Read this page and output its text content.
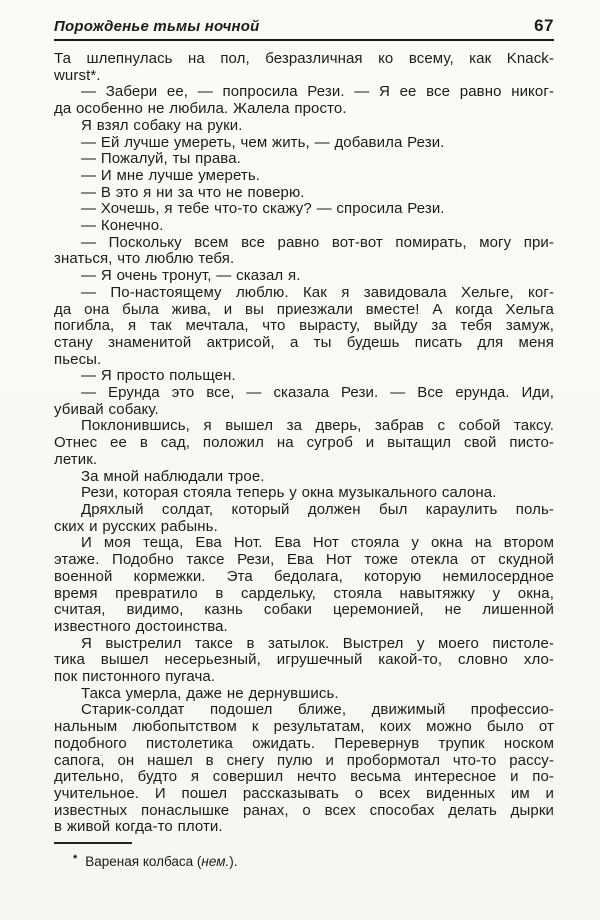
Порожденье тьмы ночной	67
Та шлепнулась на пол, безразличная ко всему, как Knack-
wurst*.
— Забери ее, — попросила Рези. — Я ее все равно никог-
да особенно не любила. Жалела просто.
Я взял собаку на руки.
— Ей лучше умереть, чем жить, — добавила Рези.
— Пожалуй, ты права.
— И мне лучше умереть.
— В это я ни за что не поверю.
— Хочешь, я тебе что-то скажу? — спросила Рези.
— Конечно.
— Поскольку всем все равно вот-вот помирать, могу при-
знаться, что люблю тебя.
— Я очень тронут, — сказал я.
— По-настоящему люблю. Как я завидовала Хельге, ког-
да она была жива, и вы приезжали вместе! А когда Хельга
погибла, я так мечтала, что вырасту, выйду за тебя замуж,
стану знаменитой актрисой, а ты будешь писать для меня
пьесы.
— Я просто польщен.
— Ерунда это все, — сказала Рези. — Все ерунда. Иди,
убивай собаку.
Поклонившись, я вышел за дверь, забрав с собой таксу.
Отнес ее в сад, положил на сугроб и вытащил свой писто-
летик.
За мной наблюдали трое.
Рези, которая стояла теперь у окна музыкального салона.
Дряхлый солдат, который должен был караулить поль-
ских и русских рабынь.
И моя теща, Ева Нот. Ева Нот стояла у окна на втором
этаже. Подобно таксе Рези, Ева Нот тоже отекла от скудной
военной кормежки. Эта бедолага, которую немилосердное
время превратило в сардельку, стояла навытяжку у окна,
считая, видимо, казнь собаки церемонией, не лишенной
известного достоинства.
Я выстрелил таксе в затылок. Выстрел у моего пистоле-
тика вышел несерьезный, игрушечный какой-то, словно хло-
пок пистонного пугача.
Такса умерла, даже не дернувшись.
Старик-солдат подошел ближе, движимый профессио-
нальным любопытством к результатам, коих можно было от
подобного пистолетика ожидать. Перевернув трупик носком
сапога, он нашел в снегу пулю и пробормотал что-то рассу-
дительно, будто я совершил нечто весьма интересное и по-
учительное. И пошел рассказывать о всех виденных им и
известных понаслышке ранах, о всех способах делать дырки
в живой когда-то плоти.
* Вареная колбаса (нем.).
